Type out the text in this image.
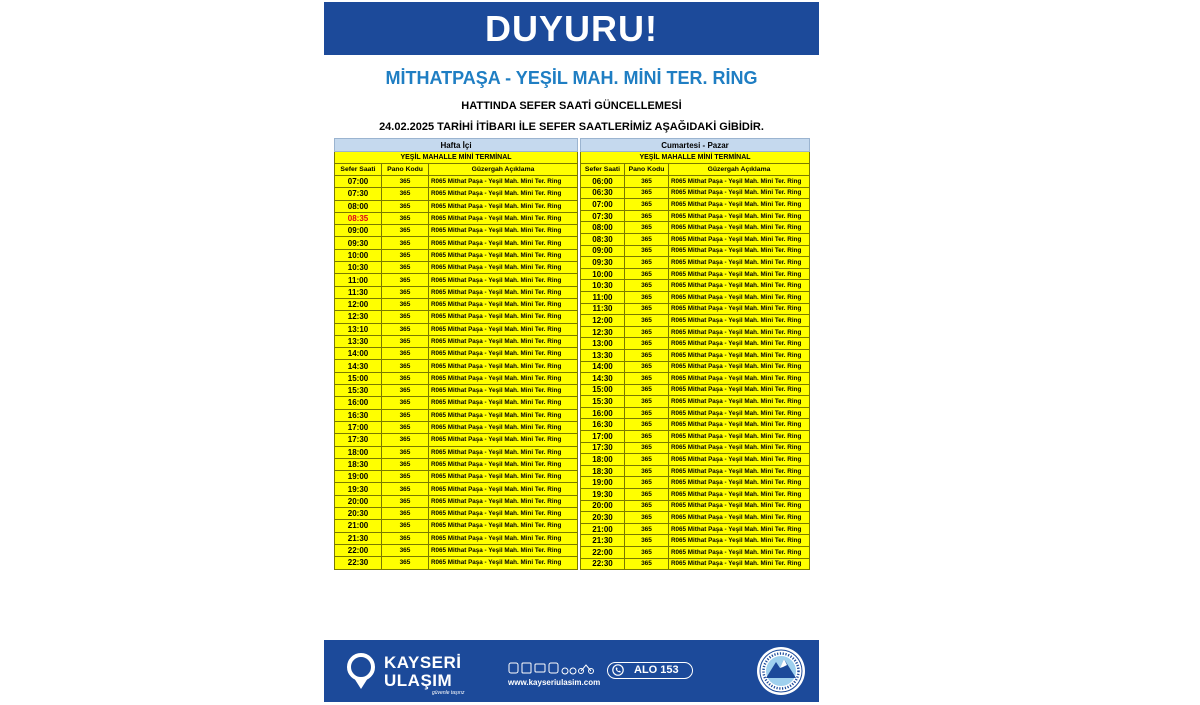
DUYURU!
MİTHATPAŞA - YEŞİL MAH. MİNİ TER. RİNG
HATTINDA SEFER SAATİ GÜNCELLEMESİ
24.02.2025 TARİHİ İTİBARI İLE SEFER SAATLERİMİZ AŞAĞIDAKİ GİBİDİR.
Hafta İçi		
YEŞİL MAHALLE MİNİ TERMİNAL		
Sefer Saati	Pano Kodu	Güzergah Açıklama
07:00	365	R065 Mithat Paşa - Yeşil Mah. Mini Ter. Ring
07:30	365	R065 Mithat Paşa - Yeşil Mah. Mini Ter. Ring
08:00	365	R065 Mithat Paşa - Yeşil Mah. Mini Ter. Ring
08:35	365	R065 Mithat Paşa - Yeşil Mah. Mini Ter. Ring
09:00	365	R065 Mithat Paşa - Yeşil Mah. Mini Ter. Ring
09:30	365	R065 Mithat Paşa - Yeşil Mah. Mini Ter. Ring
10:00	365	R065 Mithat Paşa - Yeşil Mah. Mini Ter. Ring
10:30	365	R065 Mithat Paşa - Yeşil Mah. Mini Ter. Ring
11:00	365	R065 Mithat Paşa - Yeşil Mah. Mini Ter. Ring
11:30	365	R065 Mithat Paşa - Yeşil Mah. Mini Ter. Ring
12:00	365	R065 Mithat Paşa - Yeşil Mah. Mini Ter. Ring
12:30	365	R065 Mithat Paşa - Yeşil Mah. Mini Ter. Ring
13:10	365	R065 Mithat Paşa - Yeşil Mah. Mini Ter. Ring
13:30	365	R065 Mithat Paşa - Yeşil Mah. Mini Ter. Ring
14:00	365	R065 Mithat Paşa - Yeşil Mah. Mini Ter. Ring
14:30	365	R065 Mithat Paşa - Yeşil Mah. Mini Ter. Ring
15:00	365	R065 Mithat Paşa - Yeşil Mah. Mini Ter. Ring
15:30	365	R065 Mithat Paşa - Yeşil Mah. Mini Ter. Ring
16:00	365	R065 Mithat Paşa - Yeşil Mah. Mini Ter. Ring
16:30	365	R065 Mithat Paşa - Yeşil Mah. Mini Ter. Ring
17:00	365	R065 Mithat Paşa - Yeşil Mah. Mini Ter. Ring
17:30	365	R065 Mithat Paşa - Yeşil Mah. Mini Ter. Ring
18:00	365	R065 Mithat Paşa - Yeşil Mah. Mini Ter. Ring
18:30	365	R065 Mithat Paşa - Yeşil Mah. Mini Ter. Ring
19:00	365	R065 Mithat Paşa - Yeşil Mah. Mini Ter. Ring
19:30	365	R065 Mithat Paşa - Yeşil Mah. Mini Ter. Ring
20:00	365	R065 Mithat Paşa - Yeşil Mah. Mini Ter. Ring
20:30	365	R065 Mithat Paşa - Yeşil Mah. Mini Ter. Ring
21:00	365	R065 Mithat Paşa - Yeşil Mah. Mini Ter. Ring
21:30	365	R065 Mithat Paşa - Yeşil Mah. Mini Ter. Ring
22:00	365	R065 Mithat Paşa - Yeşil Mah. Mini Ter. Ring
22:30	365	R065 Mithat Paşa - Yeşil Mah. Mini Ter. Ring
Cumartesi - Pazar		
YEŞİL MAHALLE MİNİ TERMİNAL		
Sefer Saati	Pano Kodu	Güzergah Açıklama
06:00	365	R065 Mithat Paşa - Yeşil Mah. Mini Ter. Ring
06:30	365	R065 Mithat Paşa - Yeşil Mah. Mini Ter. Ring
07:00	365	R065 Mithat Paşa - Yeşil Mah. Mini Ter. Ring
07:30	365	R065 Mithat Paşa - Yeşil Mah. Mini Ter. Ring
08:00	365	R065 Mithat Paşa - Yeşil Mah. Mini Ter. Ring
08:30	365	R065 Mithat Paşa - Yeşil Mah. Mini Ter. Ring
09:00	365	R065 Mithat Paşa - Yeşil Mah. Mini Ter. Ring
09:30	365	R065 Mithat Paşa - Yeşil Mah. Mini Ter. Ring
10:00	365	R065 Mithat Paşa - Yeşil Mah. Mini Ter. Ring
10:30	365	R065 Mithat Paşa - Yeşil Mah. Mini Ter. Ring
11:00	365	R065 Mithat Paşa - Yeşil Mah. Mini Ter. Ring
11:30	365	R065 Mithat Paşa - Yeşil Mah. Mini Ter. Ring
12:00	365	R065 Mithat Paşa - Yeşil Mah. Mini Ter. Ring
12:30	365	R065 Mithat Paşa - Yeşil Mah. Mini Ter. Ring
13:00	365	R065 Mithat Paşa - Yeşil Mah. Mini Ter. Ring
13:30	365	R065 Mithat Paşa - Yeşil Mah. Mini Ter. Ring
14:00	365	R065 Mithat Paşa - Yeşil Mah. Mini Ter. Ring
14:30	365	R065 Mithat Paşa - Yeşil Mah. Mini Ter. Ring
15:00	365	R065 Mithat Paşa - Yeşil Mah. Mini Ter. Ring
15:30	365	R065 Mithat Paşa - Yeşil Mah. Mini Ter. Ring
16:00	365	R065 Mithat Paşa - Yeşil Mah. Mini Ter. Ring
16:30	365	R065 Mithat Paşa - Yeşil Mah. Mini Ter. Ring
17:00	365	R065 Mithat Paşa - Yeşil Mah. Mini Ter. Ring
17:30	365	R065 Mithat Paşa - Yeşil Mah. Mini Ter. Ring
18:00	365	R065 Mithat Paşa - Yeşil Mah. Mini Ter. Ring
18:30	365	R065 Mithat Paşa - Yeşil Mah. Mini Ter. Ring
19:00	365	R065 Mithat Paşa - Yeşil Mah. Mini Ter. Ring
19:30	365	R065 Mithat Paşa - Yeşil Mah. Mini Ter. Ring
20:00	365	R065 Mithat Paşa - Yeşil Mah. Mini Ter. Ring
20:30	365	R065 Mithat Paşa - Yeşil Mah. Mini Ter. Ring
21:00	365	R065 Mithat Paşa - Yeşil Mah. Mini Ter. Ring
21:30	365	R065 Mithat Paşa - Yeşil Mah. Mini Ter. Ring
22:00	365	R065 Mithat Paşa - Yeşil Mah. Mini Ter. Ring
22:30	365	R065 Mithat Paşa - Yeşil Mah. Mini Ter. Ring
KAYSERİ
ULAŞIM
güvenle taşırız
www.kayseriulasim.com
ALO 153
